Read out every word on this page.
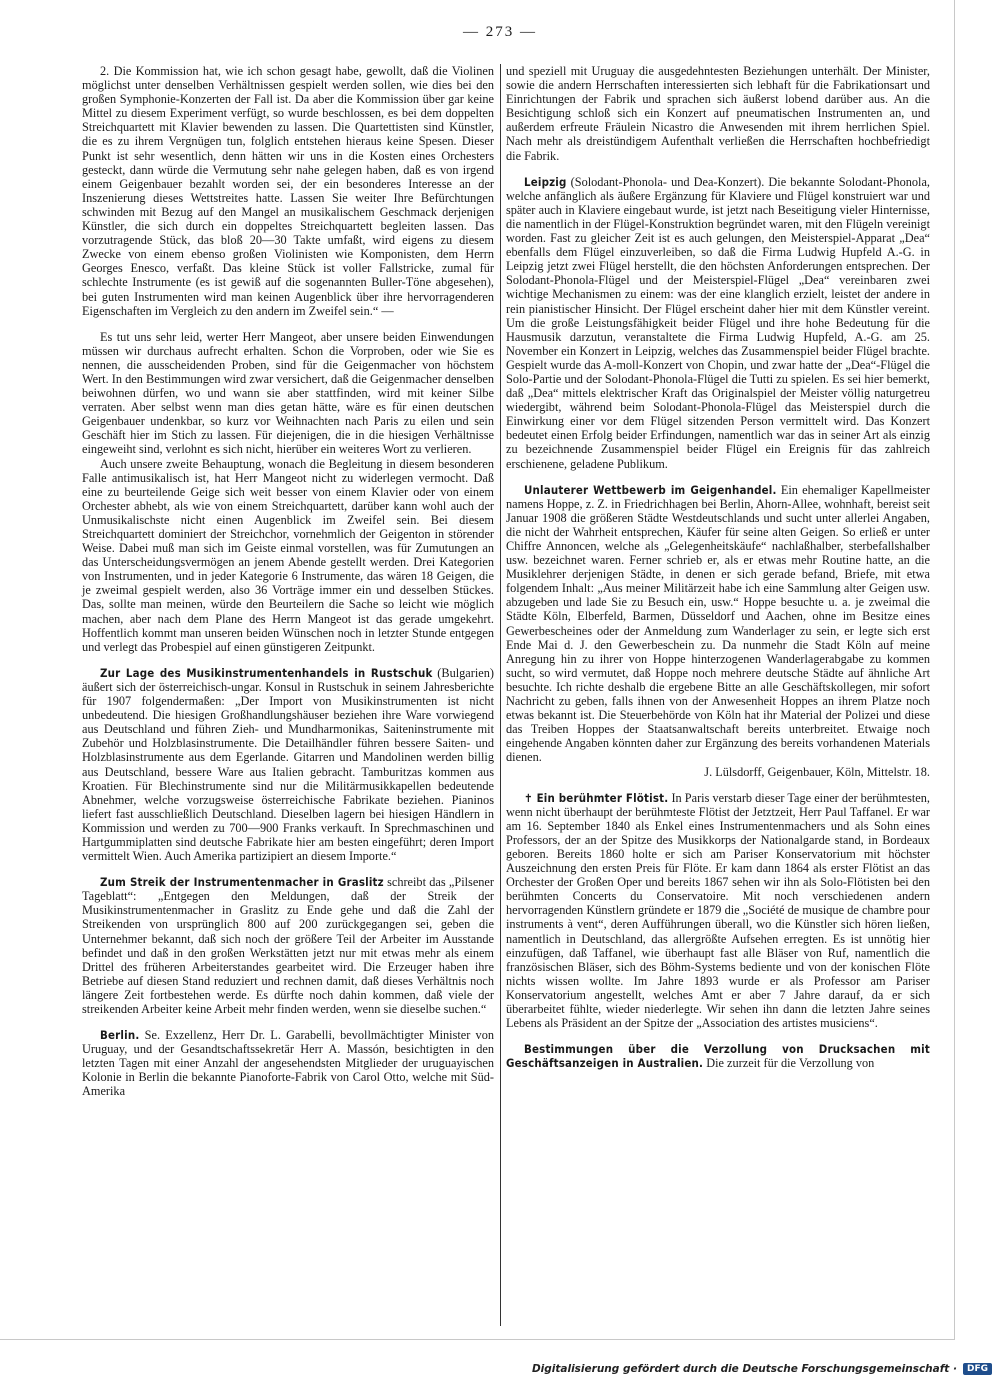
— 273 —

2. Die Kommission hat, wie ich schon gesagt habe, gewollt, daß die Violinen möglichst unter denselben Verhältnissen gespielt werden sollen, wie dies bei den großen Symphonie-Konzerten der Fall ist. Da aber die Kommission über gar keine Mittel zu diesem Experiment verfügt, so wurde beschlossen, es bei dem doppelten Streichquartett mit Klavier bewenden zu lassen. Die Quartettisten sind Künstler, die es zu ihrem Vergnügen tun, folglich entstehen hieraus keine Spesen. Dieser Punkt ist sehr wesentlich, denn hätten wir uns in die Kosten eines Orchesters gesteckt, dann würde die Vermutung sehr nahe gelegen haben, daß es von irgend einem Geigenbauer bezahlt worden sei, der ein besonderes Interesse an der Inszenierung dieses Wettstreites hatte. Lassen Sie weiter Ihre Befürchtungen schwinden mit Bezug auf den Mangel an musikalischem Geschmack derjenigen Künstler, die sich durch ein doppeltes Streichquartett begleiten lassen. Das vorzutragende Stück, das bloß 20—30 Takte umfaßt, wird eigens zu diesem Zwecke von einem ebenso großen Violinisten wie Komponisten, dem Herrn Georges Enesco, verfaßt. Das kleine Stück ist voller Fallstricke, zumal für schlechte Instrumente (es ist gewiß auf die sogenannten Buller-Töne abgesehen), bei guten Instrumenten wird man keinen Augenblick über ihre hervorragenderen Eigenschaften im Vergleich zu den andern im Zweifel sein.“ —

Es tut uns sehr leid, werter Herr Mangeot, aber unsere beiden Einwendungen müssen wir durchaus aufrecht erhalten. Schon die Vorproben, oder wie Sie es nennen, die ausscheidenden Proben, sind für die Geigenmacher von höchstem Wert. In den Bestimmungen wird zwar versichert, daß die Geigenmacher denselben beiwohnen dürfen, wo und wann sie aber stattfinden, wird mit keiner Silbe verraten. Aber selbst wenn man dies getan hätte, wäre es für einen deutschen Geigenbauer undenkbar, so kurz vor Weihnachten nach Paris zu eilen und sein Geschäft hier im Stich zu lassen. Für diejenigen, die in die hiesigen Verhältnisse eingeweiht sind, verlohnt es sich nicht, hierüber ein weiteres Wort zu verlieren.

Auch unsere zweite Behauptung, wonach die Begleitung in diesem besonderen Falle antimusikalisch ist, hat Herr Mangeot nicht zu widerlegen vermocht. Daß eine zu beurteilende Geige sich weit besser von einem Klavier oder von einem Orchester abhebt, als wie von einem Streichquartett, darüber kann wohl auch der Unmusikalischste nicht einen Augenblick im Zweifel sein. Bei diesem Streichquartett dominiert der Streichchor, vornehmlich der Geigenton in störender Weise. Dabei muß man sich im Geiste einmal vorstellen, was für Zumutungen an das Unterscheidungsvermögen an jenem Abende gestellt werden. Drei Kategorien von Instrumenten, und in jeder Kategorie 6 Instrumente, das wären 18 Geigen, die je zweimal gespielt werden, also 36 Vorträge immer ein und desselben Stückes. Das, sollte man meinen, würde den Beurteilern die Sache so leicht wie möglich machen, aber nach dem Plane des Herrn Mangeot ist das gerade umgekehrt. Hoffentlich kommt man unseren beiden Wünschen noch in letzter Stunde entgegen und verlegt das Probespiel auf einen günstigeren Zeitpunkt.

Zur Lage des Musikinstrumentenhandels in Rustschuk (Bulgarien) äußert sich der österreichisch-ungar. Konsul in Rustschuk in seinem Jahresberichte für 1907 folgendermaßen: „Der Import von Musikinstrumenten ist nicht unbedeutend. Die hiesigen Großhandlungshäuser beziehen ihre Ware vorwiegend aus Deutschland und führen Zieh- und Mundharmonikas, Saiteninstrumente mit Zubehör und Holzblasinstrumente. Die Detailhändler führen bessere Saiten- und Holzblasinstrumente aus dem Egerlande. Gitarren und Mandolinen werden billig aus Deutschland, bessere Ware aus Italien gebracht. Tamburitzas kommen aus Kroatien. Für Blechinstrumente sind nur die Militärmusikkapellen bedeutende Abnehmer, welche vorzugsweise österreichische Fabrikate beziehen. Pianinos liefert fast ausschließlich Deutschland. Dieselben lagern bei hiesigen Händlern in Kommission und werden zu 700—900 Franks verkauft. In Sprechmaschinen und Hartgummiplatten sind deutsche Fabrikate hier am besten eingeführt; deren Import vermittelt Wien. Auch Amerika partizipiert an diesem Importe.“

Zum Streik der Instrumentenmacher in Graslitz schreibt das „Pilsener Tageblatt“: „Entgegen den Meldungen, daß der Streik der Musikinstrumentenmacher in Graslitz zu Ende gehe und daß die Zahl der Streikenden von ursprünglich 800 auf 200 zurückgegangen sei, geben die Unternehmer bekannt, daß sich noch der größere Teil der Arbeiter im Ausstande befindet und daß in den großen Werkstätten jetzt nur mit etwas mehr als einem Drittel des früheren Arbeiterstandes gearbeitet wird. Die Erzeuger haben ihre Betriebe auf diesen Stand reduziert und rechnen damit, daß dieses Verhältnis noch längere Zeit fortbestehen werde. Es dürfte noch dahin kommen, daß viele der streikenden Arbeiter keine Arbeit mehr finden werden, wenn sie dieselbe suchen.“

Berlin. Se. Exzellenz, Herr Dr. L. Garabelli, bevollmächtigter Minister von Uruguay, und der Gesandtschaftssekretär Herr A. Massón, besichtigten in den letzten Tagen mit einer Anzahl der angesehendsten Mitglieder der uruguayischen Kolonie in Berlin die bekannte Pianoforte-Fabrik von Carol Otto, welche mit Süd-Amerika

und speziell mit Uruguay die ausgedehntesten Beziehungen unterhält. Der Minister, sowie die andern Herrschaften interessierten sich lebhaft für die Fabrikationsart und Einrichtungen der Fabrik und sprachen sich äußerst lobend darüber aus. An die Besichtigung schloß sich ein Konzert auf pneumatischen Instrumenten an, und außerdem erfreute Fräulein Nicastro die Anwesenden mit ihrem herrlichen Spiel. Nach mehr als dreistündigem Aufenthalt verließen die Herrschaften hochbefriedigt die Fabrik.

Leipzig (Solodant-Phonola- und Dea-Konzert). Die bekannte Solodant-Phonola, welche anfänglich als äußere Ergänzung für Klaviere und Flügel konstruiert war und später auch in Klaviere eingebaut wurde, ist jetzt nach Beseitigung vieler Hinternisse, die namentlich in der Flügel-Konstruktion begründet waren, mit den Flügeln vereinigt worden. Fast zu gleicher Zeit ist es auch gelungen, den Meisterspiel-Apparat „Dea“ ebenfalls dem Flügel einzuverleiben, so daß die Firma Ludwig Hupfeld A.-G. in Leipzig jetzt zwei Flügel herstellt, die den höchsten Anforderungen entsprechen. Der Solodant-Phonola-Flügel und der Meisterspiel-Flügel „Dea“ vereinbaren zwei wichtige Mechanismen zu einem: was der eine klanglich erzielt, leistet der andere in rein pianistischer Hinsicht. Der Flügel erscheint daher hier mit dem Künstler vereint. Um die große Leistungsfähigkeit beider Flügel und ihre hohe Bedeutung für die Hausmusik darzutun, veranstaltete die Firma Ludwig Hupfeld, A.-G. am 25. November ein Konzert in Leipzig, welches das Zusammenspiel beider Flügel brachte. Gespielt wurde das A-moll-Konzert von Chopin, und zwar hatte der „Dea“-Flügel die Solo-Partie und der Solodant-Phonola-Flügel die Tutti zu spielen. Es sei hier bemerkt, daß „Dea“ mittels elektrischer Kraft das Originalspiel der Meister völlig naturgetreu wiedergibt, während beim Solodant-Phonola-Flügel das Meisterspiel durch die Einwirkung einer vor dem Flügel sitzenden Person vermittelt wird. Das Konzert bedeutet einen Erfolg beider Erfindungen, namentlich war das in seiner Art als einzig zu bezeichnende Zusammenspiel beider Flügel ein Ereignis für das zahlreich erschienene, geladene Publikum.

Unlauterer Wettbewerb im Geigenhandel. Ein ehemaliger Kapellmeister namens Hoppe, z. Z. in Friedrichhagen bei Berlin, Ahorn-Allee, wohnhaft, bereist seit Januar 1908 die größeren Städte Westdeutschlands und sucht unter allerlei Angaben, die nicht der Wahrheit entsprechen, Käufer für seine alten Geigen. So erließ er unter Chiffre Annoncen, welche als „Gelegenheitskäufe“ nachlaßhalber, sterbefallshalber usw. bezeichnet waren. Ferner schrieb er, als er etwas mehr Routine hatte, an die Musiklehrer derjenigen Städte, in denen er sich gerade befand, Briefe, mit etwa folgendem Inhalt: „Aus meiner Militärzeit habe ich eine Sammlung alter Geigen usw. abzugeben und lade Sie zu Besuch ein, usw.“ Hoppe besuchte u. a. je zweimal die Städte Köln, Elberfeld, Barmen, Düsseldorf und Aachen, ohne im Besitze eines Gewerbescheines oder der Anmeldung zum Wanderlager zu sein, er legte sich erst Ende Mai d. J. den Gewerbeschein zu. Da nunmehr die Stadt Köln auf meine Anregung hin zu ihrer von Hoppe hinterzogenen Wanderlagerabgabe zu kommen sucht, so wird vermutet, daß Hoppe noch mehrere deutsche Städte auf ähnliche Art besuchte. Ich richte deshalb die ergebene Bitte an alle Geschäftskollegen, mir sofort Nachricht zu geben, falls ihnen von der Anwesenheit Hoppes an ihrem Platze noch etwas bekannt ist. Die Steuerbehörde von Köln hat ihr Material der Polizei und diese das Treiben Hoppes der Staatsanwaltschaft bereits unterbreitet. Etwaige noch eingehende Angaben könnten daher zur Ergänzung des bereits vorhandenen Materials dienen.

J. Lülsdorff, Geigenbauer, Köln, Mittelstr. 18.

✝ Ein berühmter Flötist. In Paris verstarb dieser Tage einer der berühmtesten, wenn nicht überhaupt der berühmteste Flötist der Jetztzeit, Herr Paul Taffanel. Er war am 16. September 1840 als Enkel eines Instrumentenmachers und als Sohn eines Professors, der an der Spitze des Musikkorps der Nationalgarde stand, in Bordeaux geboren. Bereits 1860 holte er sich am Pariser Konservatorium mit höchster Auszeichnung den ersten Preis für Flöte. Er kam dann 1864 als erster Flötist an das Orchester der Großen Oper und bereits 1867 sehen wir ihn als Solo-Flötisten bei den berühmten Concerts du Conservatoire. Mit noch verschiedenen andern hervorragenden Künstlern gründete er 1879 die „Société de musique de chambre pour instruments à vent“, deren Aufführungen überall, wo die Künstler sich hören ließen, namentlich in Deutschland, das allergrößte Aufsehen erregten. Es ist unnötig hier einzufügen, daß Taffanel, wie überhaupt fast alle Bläser von Ruf, namentlich die französischen Bläser, sich des Böhm-Systems bediente und von der konischen Flöte nichts wissen wollte. Im Jahre 1893 wurde er als Professor am Pariser Konservatorium angestellt, welches Amt er aber 7 Jahre darauf, da er sich überarbeitet fühlte, wieder niederlegte. Wir sehen ihn dann die letzten Jahre seines Lebens als Präsident an der Spitze der „Association des artistes musiciens“.

Bestimmungen über die Verzollung von Drucksachen mit Geschäftsanzeigen in Australien. Die zurzeit für die Verzollung von

Digitalisierung gefördert durch die Deutsche Forschungsgemeinschaft ·	DFG
